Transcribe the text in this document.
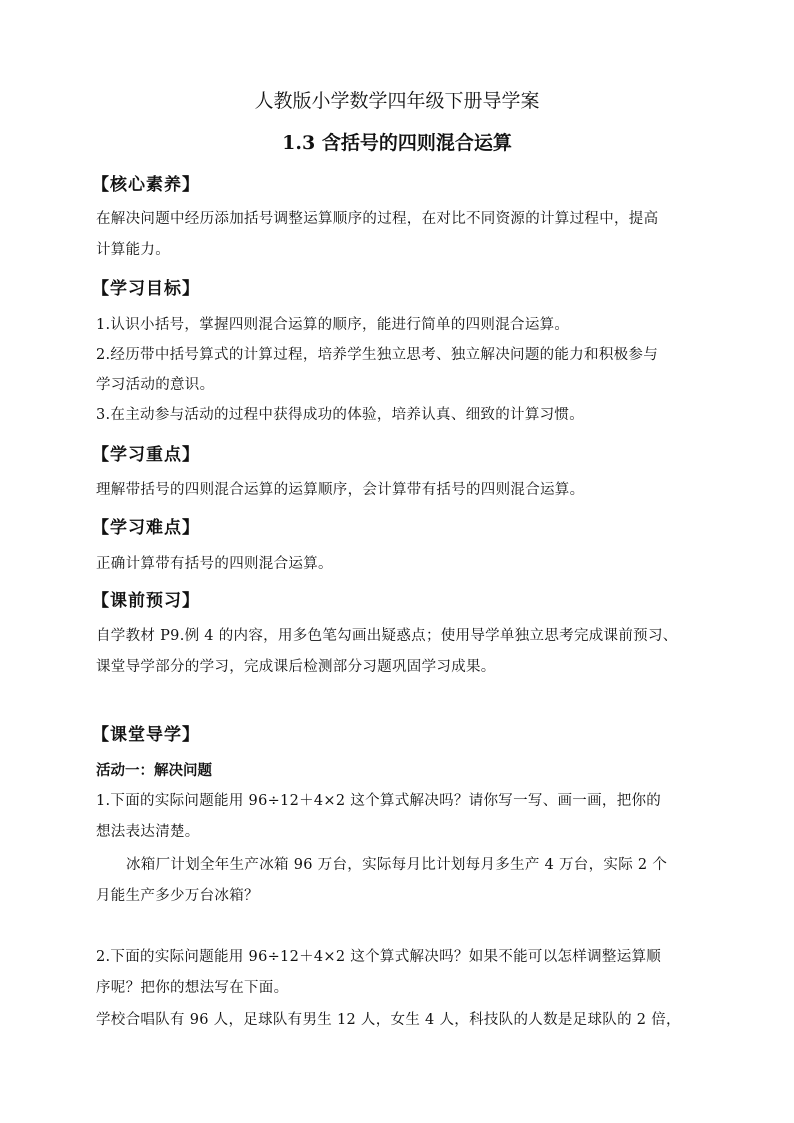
人教版小学数学四年级下册导学案
1.3 含括号的四则混合运算
【核心素养】
在解决问题中经历添加括号调整运算顺序的过程，在对比不同资源的计算过程中，提高
计算能力。
【学习目标】
1.认识小括号，掌握四则混合运算的顺序，能进行简单的四则混合运算。
2.经历带中括号算式的计算过程，培养学生独立思考、独立解决问题的能力和积极参与
学习活动的意识。
3.在主动参与活动的过程中获得成功的体验，培养认真、细致的计算习惯。
【学习重点】
理解带括号的四则混合运算的运算顺序，会计算带有括号的四则混合运算。
【学习难点】
正确计算带有括号的四则混合运算。
【课前预习】
自学教材 P9.例 4 的内容，用多色笔勾画出疑惑点；使用导学单独立思考完成课前预习、
课堂导学部分的学习，完成课后检测部分习题巩固学习成果。
【课堂导学】
活动一：解决问题
1.下面的实际问题能用 96÷12＋4×2 这个算式解决吗？请你写一写、画一画，把你的
想法表达清楚。
冰箱厂计划全年生产冰箱 96 万台，实际每月比计划每月多生产 4 万台，实际 2 个
月能生产多少万台冰箱？
2.下面的实际问题能用 96÷12＋4×2 这个算式解决吗？如果不能可以怎样调整运算顺
序呢？把你的想法写在下面。
学校合唱队有 96 人，足球队有男生 12 人，女生 4 人，科技队的人数是足球队的 2 倍，
